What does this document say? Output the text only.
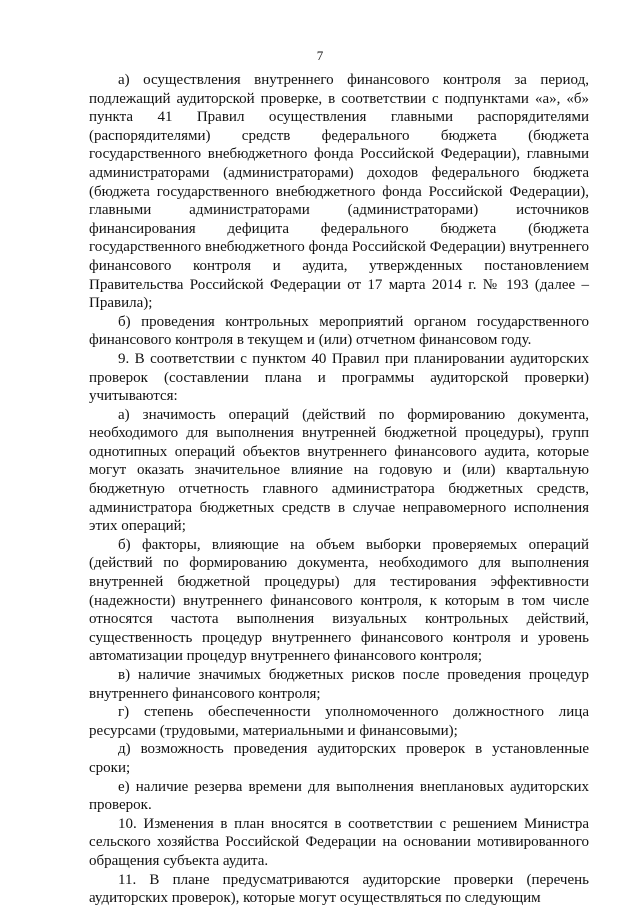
7

а) осуществления внутреннего финансового контроля за период, подлежащий аудиторской проверке, в соответствии с подпунктами «а», «б» пункта 41 Правил осуществления главными распорядителями (распорядителями) средств федерального бюджета (бюджета государственного внебюджетного фонда Российской Федерации), главными администраторами (администраторами) доходов федерального бюджета (бюджета государственного внебюджетного фонда Российской Федерации), главными администраторами (администраторами) источников финансирования дефицита федерального бюджета (бюджета государственного внебюджетного фонда Российской Федерации) внутреннего финансового контроля и аудита, утвержденных постановлением Правительства Российской Федерации от 17 марта 2014 г. № 193 (далее – Правила);

б) проведения контрольных мероприятий органом государственного финансового контроля в текущем и (или) отчетном финансовом году.

9. В соответствии с пунктом 40 Правил при планировании аудиторских проверок (составлении плана и программы аудиторской проверки) учитываются:

а) значимость операций (действий по формированию документа, необходимого для выполнения внутренней бюджетной процедуры), групп однотипных операций объектов внутреннего финансового аудита, которые могут оказать значительное влияние на годовую и (или) квартальную бюджетную отчетность главного администратора бюджетных средств, администратора бюджетных средств в случае неправомерного исполнения этих операций;

б) факторы, влияющие на объем выборки проверяемых операций (действий по формированию документа, необходимого для выполнения внутренней бюджетной процедуры) для тестирования эффективности (надежности) внутреннего финансового контроля, к которым в том числе относятся частота выполнения визуальных контрольных действий, существенность процедур внутреннего финансового контроля и уровень автоматизации процедур внутреннего финансового контроля;

в) наличие значимых бюджетных рисков после проведения процедур внутреннего финансового контроля;

г) степень обеспеченности уполномоченного должностного лица ресурсами (трудовыми, материальными и финансовыми);

д) возможность проведения аудиторских проверок в установленные сроки;

е) наличие резерва времени для выполнения внеплановых аудиторских проверок.

10. Изменения в план вносятся в соответствии с решением Министра сельского хозяйства Российской Федерации на основании мотивированного обращения субъекта аудита.

11. В плане предусматриваются аудиторские проверки (перечень аудиторских проверок), которые могут осуществляться по следующим
